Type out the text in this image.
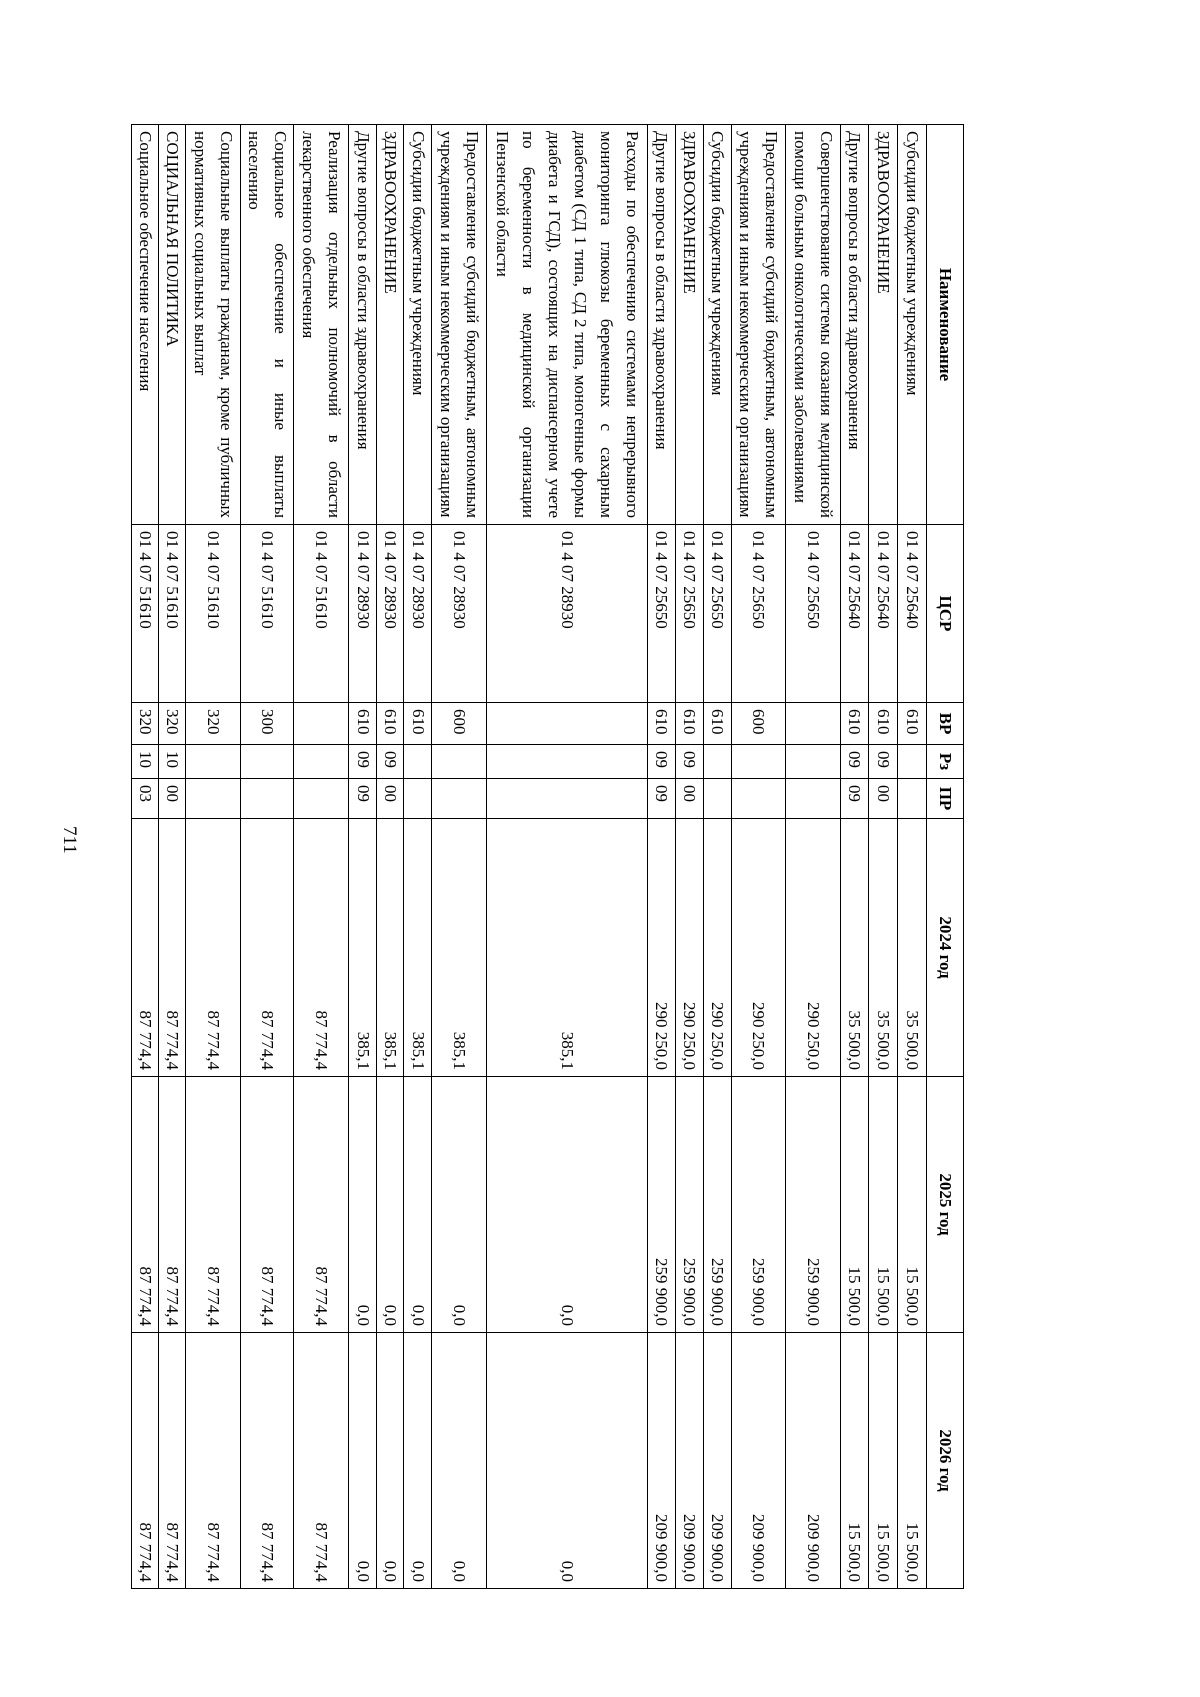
711
Наименование	ЦСР	ВР	Рз	ПР	2024 год	2025 год	2026 год

Субсидии бюджетным учреждениям	01 4 07 25640	610			35 500,0	15 500,0	15 500,0
ЗДРАВООХРАНЕНИЕ	01 4 07 25640	610	09	00	35 500,0	15 500,0	15 500,0
Другие вопросы в области здравоохранения	01 4 07 25640	610	09	09	35 500,0	15 500,0	15 500,0
Совершенствование системы оказания медицинской помощи больным онкологическими заболеваниями	01 4 07 25650				290 250,0	259 900,0	209 900,0
Предоставление субсидий бюджетным, автономным учреждениям и иным некоммерческим организациям	01 4 07 25650	600			290 250,0	259 900,0	209 900,0
Субсидии бюджетным учреждениям	01 4 07 25650	610			290 250,0	259 900,0	209 900,0
ЗДРАВООХРАНЕНИЕ	01 4 07 25650	610	09	00	290 250,0	259 900,0	209 900,0
Другие вопросы в области здравоохранения	01 4 07 25650	610	09	09	290 250,0	259 900,0	209 900,0
Расходы по обеспечению системами непрерывного мониторинга глюкозы беременных с сахарным диабетом (СД 1 типа, СД 2 типа, моногенные формы диабета и ГСД), состоящих на диспансерном учете по беременности в медицинской организации Пензенской области	01 4 07 28930				385,1	0,0	0,0
Предоставление субсидий бюджетным, автономным учреждениям и иным некоммерческим организациям	01 4 07 28930	600			385,1	0,0	0,0
Субсидии бюджетным учреждениям	01 4 07 28930	610			385,1	0,0	0,0
ЗДРАВООХРАНЕНИЕ	01 4 07 28930	610	09	00	385,1	0,0	0,0
Другие вопросы в области здравоохранения	01 4 07 28930	610	09	09	385,1	0,0	0,0
Реализация отдельных полномочий в области лекарственного обеспечения	01 4 07 51610				87 774,4	87 774,4	87 774,4
Социальное обеспечение и иные выплаты населению	01 4 07 51610	300			87 774,4	87 774,4	87 774,4
Социальные выплаты гражданам, кроме публичных нормативных социальных выплат	01 4 07 51610	320			87 774,4	87 774,4	87 774,4
СОЦИАЛЬНАЯ ПОЛИТИКА	01 4 07 51610	320	10	00	87 774,4	87 774,4	87 774,4
Социальное обеспечение населения	01 4 07 51610	320	10	03	87 774,4	87 774,4	87 774,4
